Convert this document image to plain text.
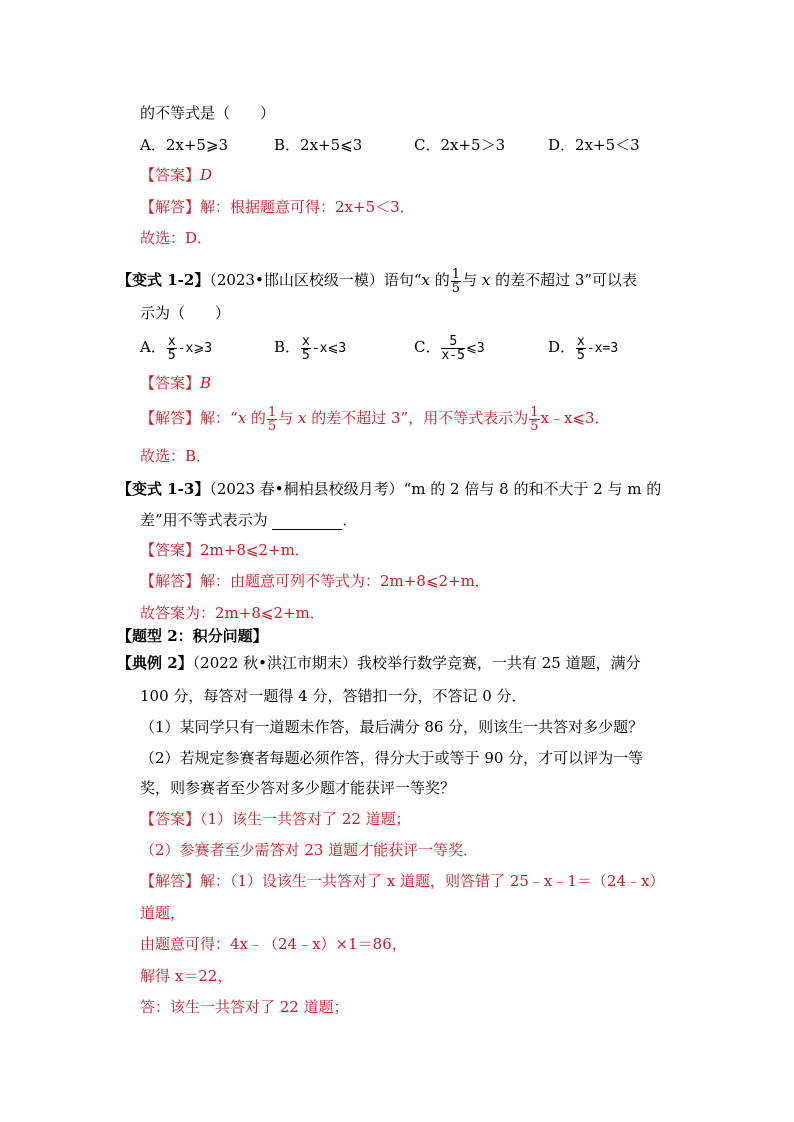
的不等式是（　　）
A．2x+5⩾3	B．2x+5⩽3	C．2x+5＞3	D．2x+5＜3
【答案】D
【解答】解：根据题意可得：2x+5＜3．
故选：D．
【变式 1-2】（2023•邯山区校级一模）语句“x 的 $\frac{1}{5}$ 与 x 的差不超过 3”可以表
示为（　　）
A． $\frac{x}{5}$ -x⩾3	B． $\frac{x}{5}$ -x⩽3	C． $\frac{5}{x-5}$ ⩽3	D． $\frac{x}{5} -x=3$
【答案】B
【解答】解：“x 的 $\frac{1}{5}$ 与 x 的差不超过 3”，用不等式表示为 $\frac{1}{5}$ x﹣x⩽3．
故选：B．
【变式 1-3】（2023 春•桐柏县校级月考）“m 的 2 倍与 8 的和不大于 2 与 m 的
差”用不等式表示为	．
【答案】2m+8⩽2+m．
【解答】解：由题意可列不等式为：2m+8⩽2+m．
故答案为：2m+8⩽2+m．
【题型 2：积分问题】
【典例 2】（2022 秋•洪江市期末）我校举行数学竞赛，一共有 25 道题，满分
100 分，每答对一题得 4 分，答错扣一分，不答记 0 分．
（1）某同学只有一道题未作答，最后满分 86 分，则该生一共答对多少题？
（2）若规定参赛者每题必须作答，得分大于或等于 90 分，才可以评为一等
奖，则参赛者至少答对多少题才能获评一等奖？
【答案】（1）该生一共答对了 22 道题；
（2）参赛者至少需答对 23 道题才能获评一等奖．
【解答】解：（1）设该生一共答对了 x 道题，则答错了 25﹣x﹣1＝（24﹣x）
道题，
由题意可得：4x﹣（24﹣x）×1＝86，
解得 x＝22，
答：该生一共答对了 22 道题；
